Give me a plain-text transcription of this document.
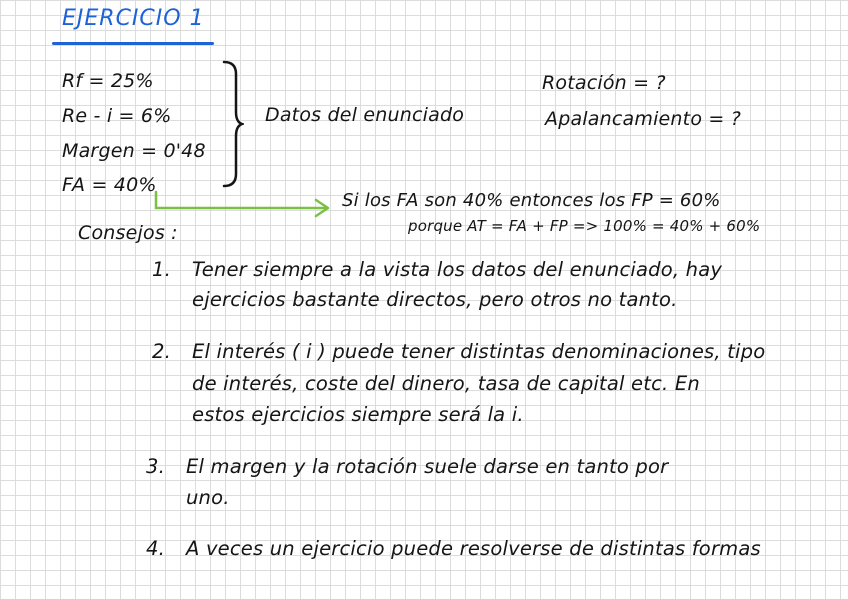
EJERCICIO 1
Rf = 25%
Re - i = 6%
Margen = 0'48
FA = 40%
Datos del enunciado
Rotación = ?
Apalancamiento = ?
Si los FA son 40% entonces los FP = 60%
porque AT = FA + FP => 100% = 40% + 60%
Consejos :
1. Tener siempre a la vista los datos del enunciado, hay
ejercicios bastante directos, pero otros no tanto.
2. El interés ( i ) puede tener distintas denominaciones, tipo
de interés, coste del dinero, tasa de capital etc. En
estos ejercicios siempre será la i.
3. El margen y la rotación suele darse en tanto por
uno.
4. A veces un ejercicio puede resolverse de distintas formas
